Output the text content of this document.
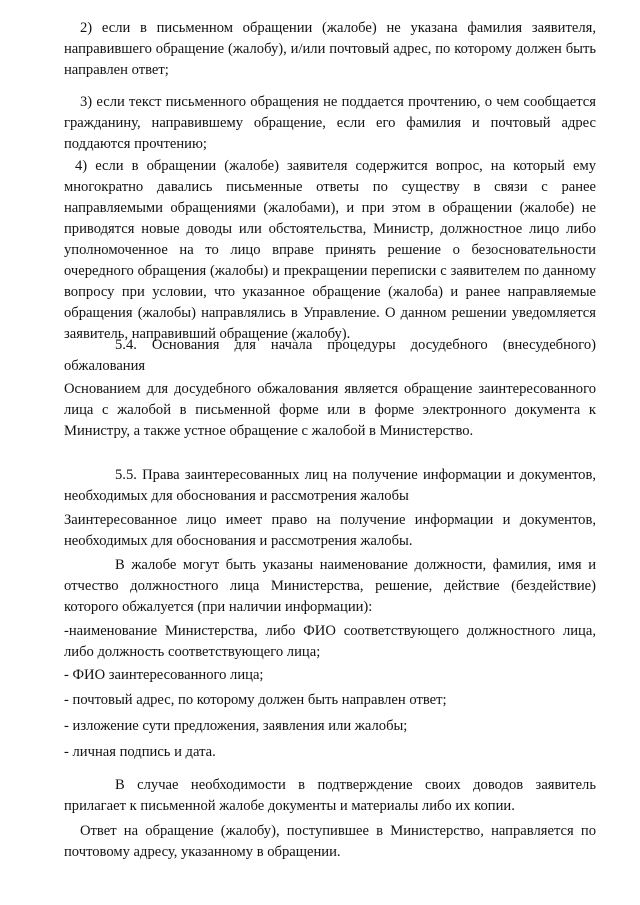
2) если в письменном обращении (жалобе) не указана фамилия заявителя, направившего обращение (жалобу), и/или почтовый адрес, по которому должен быть направлен ответ;

3) если текст письменного обращения не поддается прочтению, о чем сообщается гражданину, направившему обращение, если его фамилия и почтовый адрес поддаются прочтению;

4) если в обращении (жалобе) заявителя содержится вопрос, на который ему многократно давались письменные ответы по существу в связи с ранее направляемыми обращениями (жалобами), и при этом в обращении (жалобе) не приводятся новые доводы или обстоятельства, Министр, должностное лицо либо уполномоченное на то лицо вправе принять решение о безосновательности очередного обращения (жалобы) и прекращении переписки с заявителем по данному вопросу при условии, что указанное обращение (жалоба) и ранее направляемые обращения (жалобы) направлялись в Управление. О данном решении уведомляется заявитель, направивший обращение (жалобу).

5.4. Основания для начала процедуры досудебного (внесудебного) обжалования

Основанием для досудебного обжалования является обращение заинтересованного лица с жалобой в письменной форме или в форме электронного документа к Министру, а также устное обращение с жалобой в Министерство.

5.5. Права заинтересованных лиц на получение информации и документов, необходимых для обоснования и рассмотрения жалобы

Заинтересованное лицо имеет право на получение информации и документов, необходимых для обоснования и рассмотрения жалобы.

В жалобе могут быть указаны наименование должности, фамилия, имя и отчество должностного лица Министерства, решение, действие (бездействие) которого обжалуется (при наличии информации):

-наименование Министерства, либо ФИО соответствующего должностного лица, либо должность соответствующего лица;

- ФИО заинтересованного лица;

- почтовый адрес, по которому должен быть направлен ответ;

- изложение сути предложения, заявления или жалобы;

- личная подпись и дата.

В случае необходимости в подтверждение своих доводов заявитель прилагает к письменной жалобе документы и материалы либо их копии.

Ответ на обращение (жалобу), поступившее в Министерство, направляется по почтовому адресу, указанному в обращении.
